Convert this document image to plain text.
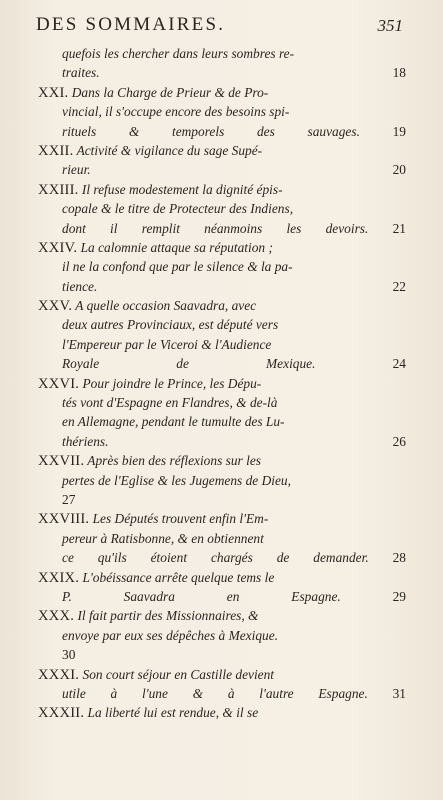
DES SOMMAIRES.	351
quefois les chercher dans leurs sombres re-
traites.	18
XXI. Dans la Charge de Prieur & de Pro-
vincial, il s'occupe encore des besoins spi-
rituels & temporels des sauvages. 19
XXII. Activité & vigilance du sage Supé-
rieur.	20
XXIII. Il refuse modestement la dignité épis-
copale & le titre de Protecteur des Indiens,
dont il remplit néanmoins les devoirs. 21
XXIV. La calomnie attaque sa réputation ;
il ne la confond que par le silence & la pa-
tience.	22
XXV. A quelle occasion Saavadra, avec
deux autres Provinciaux, est député vers
l'Empereur par le Viceroi & l'Audience
Royale de Mexique.	24
XXVI. Pour joindre le Prince, les Dépu-
tés vont d'Espagne en Flandres, & de-là
en Allemagne, pendant le tumulte des Lu-
thériens.	26
XXVII. Après bien des réflexions sur les
pertes de l'Eglise & les Jugemens de Dieu,
27
XXVIII. Les Députés trouvent enfin l'Em-
pereur à Ratisbonne, & en obtiennent
ce qu'ils étoient chargés de demander. 28
XXIX. L'obéissance arrête quelque tems le
P. Saavadra en Espagne.	29
XXX. Il fait partir des Missionnaires, &
envoye par eux ses dépêches à Mexique.
30
XXXI. Son court séjour en Castille devient
utile à l'une & à l'autre Espagne. 31
XXXII. La liberté lui est rendue, & il se
